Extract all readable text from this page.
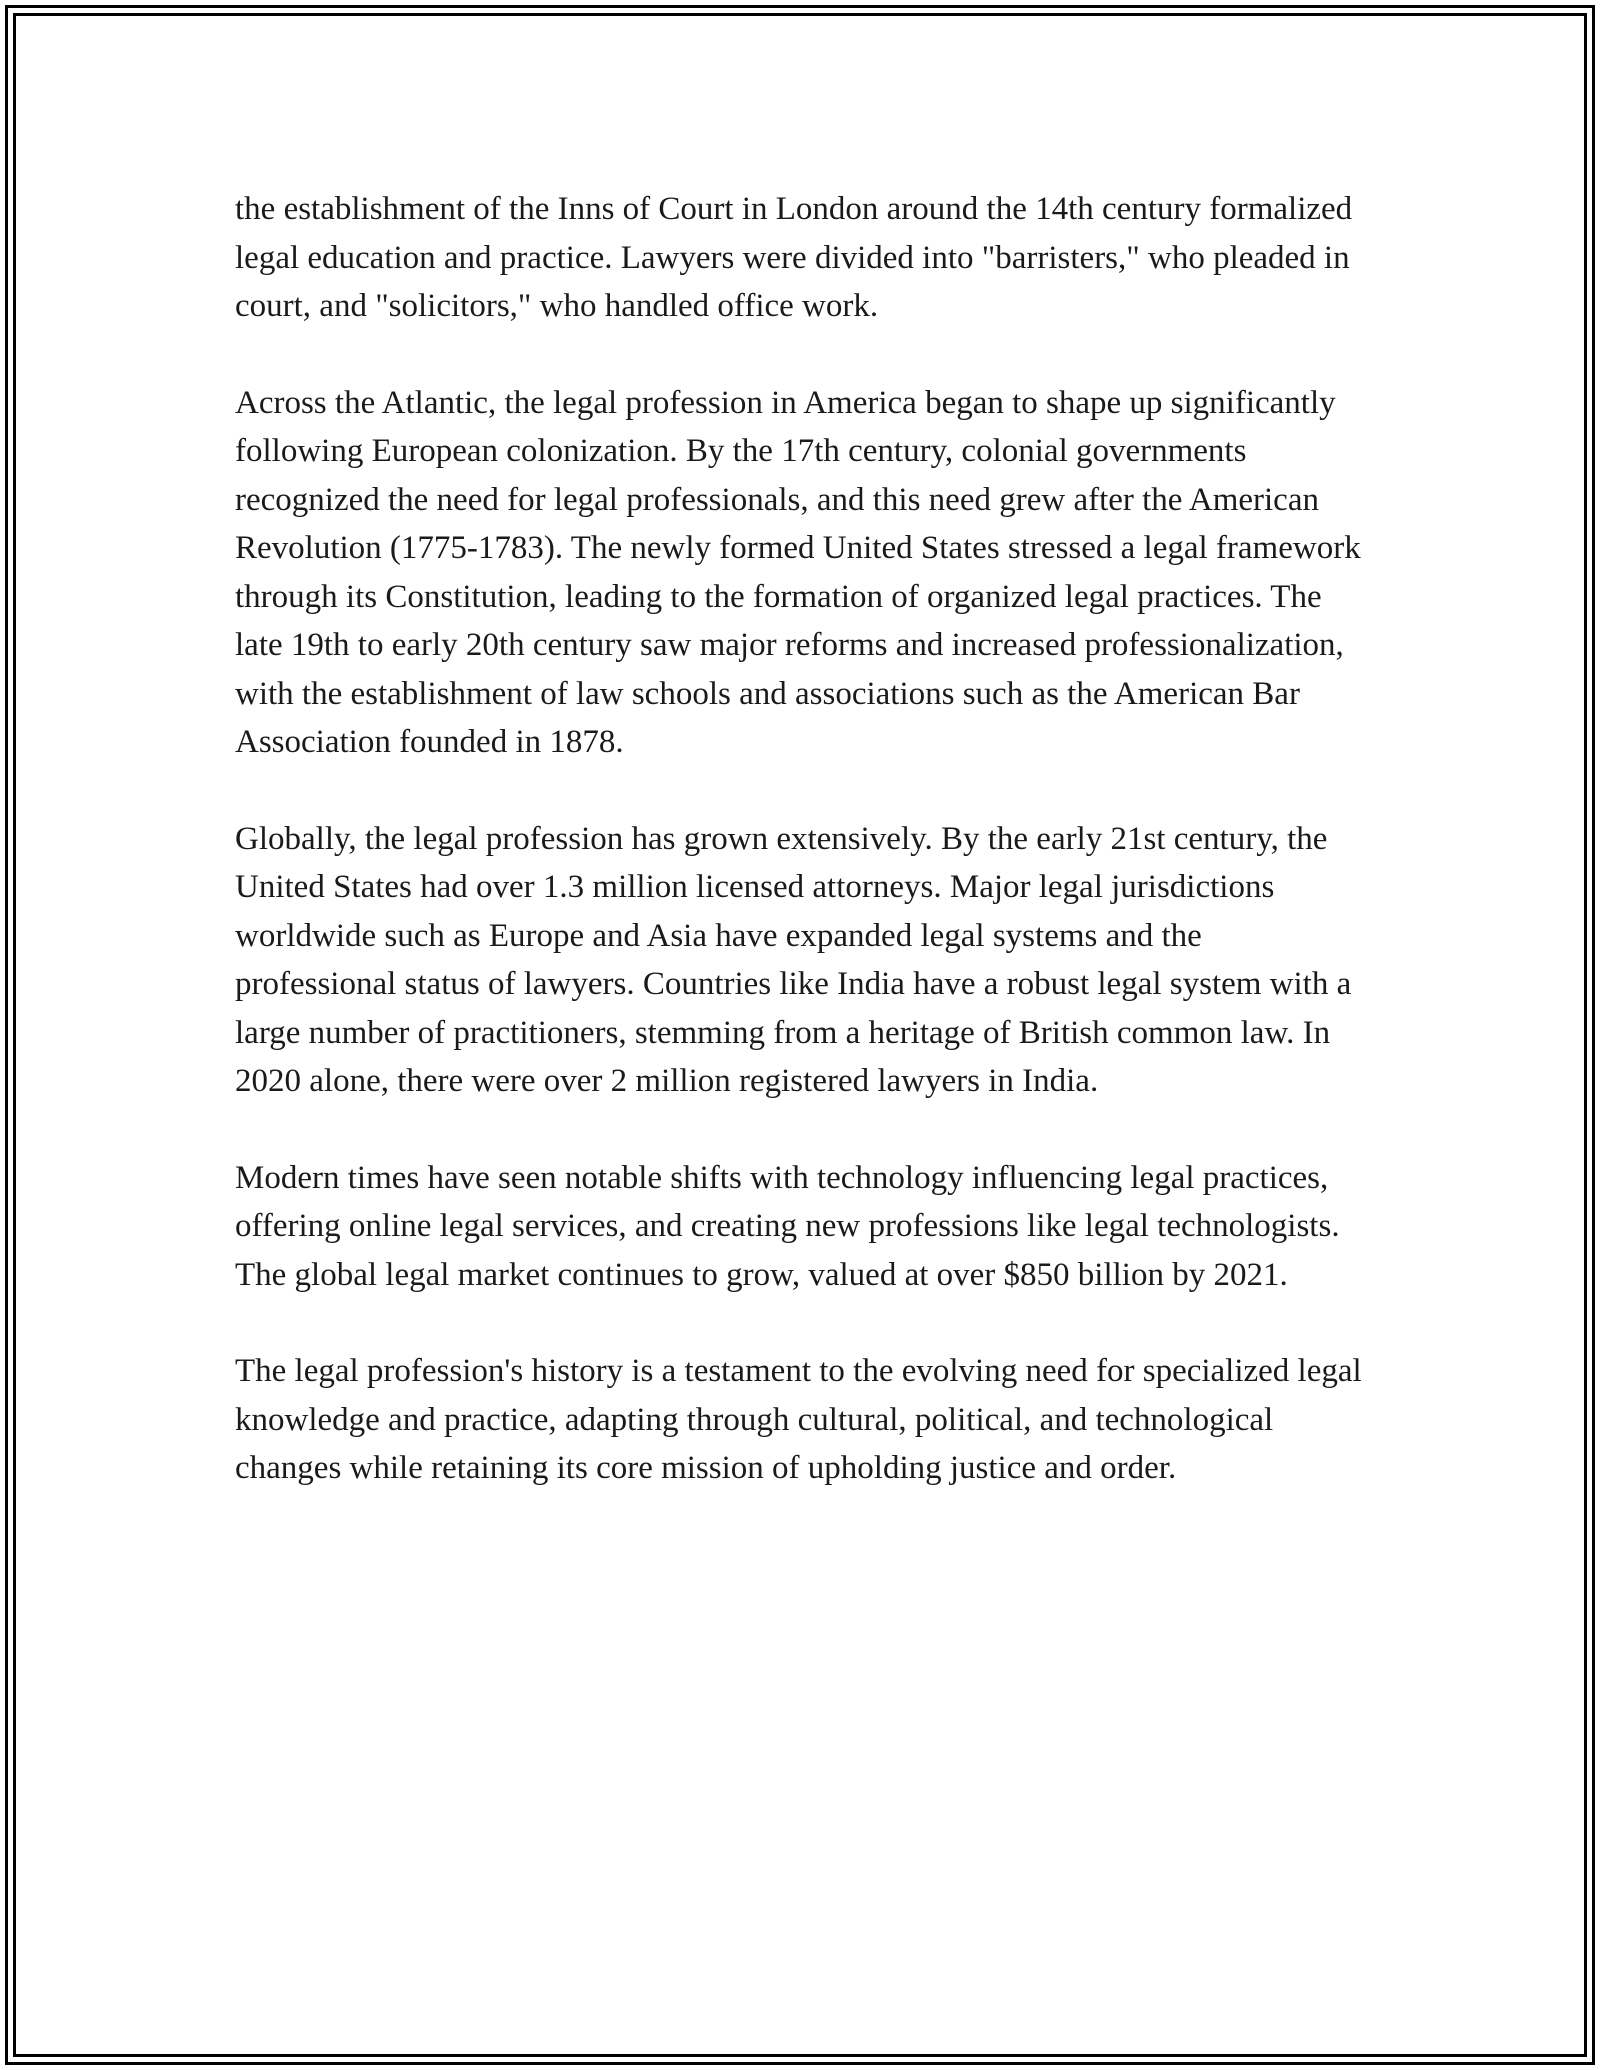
the establishment of the Inns of Court in London around the 14th century formalized legal education and practice. Lawyers were divided into "barristers," who pleaded in court, and "solicitors," who handled office work.

Across the Atlantic, the legal profession in America began to shape up significantly following European colonization. By the 17th century, colonial governments recognized the need for legal professionals, and this need grew after the American Revolution (1775-1783). The newly formed United States stressed a legal framework through its Constitution, leading to the formation of organized legal practices. The late 19th to early 20th century saw major reforms and increased professionalization, with the establishment of law schools and associations such as the American Bar Association founded in 1878.

Globally, the legal profession has grown extensively. By the early 21st century, the United States had over 1.3 million licensed attorneys. Major legal jurisdictions worldwide such as Europe and Asia have expanded legal systems and the professional status of lawyers. Countries like India have a robust legal system with a large number of practitioners, stemming from a heritage of British common law. In 2020 alone, there were over 2 million registered lawyers in India.

Modern times have seen notable shifts with technology influencing legal practices, offering online legal services, and creating new professions like legal technologists. The global legal market continues to grow, valued at over $850 billion by 2021.

The legal profession's history is a testament to the evolving need for specialized legal knowledge and practice, adapting through cultural, political, and technological changes while retaining its core mission of upholding justice and order.
